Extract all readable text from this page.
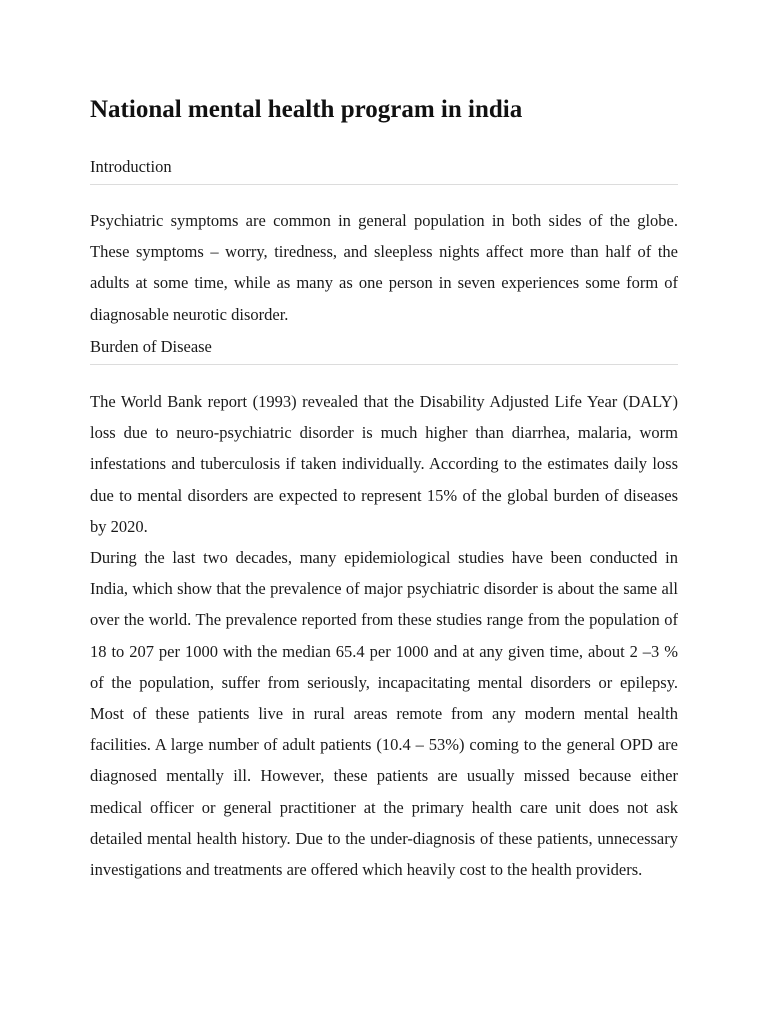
National mental health program in india
Introduction

Psychiatric symptoms are common in general population in both sides of the globe. These symptoms – worry, tiredness, and sleepless nights affect more than half of the adults at some time, while as many as one person in seven experiences some form of diagnosable neurotic disorder.

Burden of Disease

The World Bank report (1993) revealed that the Disability Adjusted Life Year (DALY) loss due to neuro-psychiatric disorder is much higher than diarrhea, malaria, worm infestations and tuberculosis if taken individually. According to the estimates daily loss due to mental disorders are expected to represent 15% of the global burden of diseases by 2020.

During the last two decades, many epidemiological studies have been conducted in India, which show that the prevalence of major psychiatric disorder is about the same all over the world. The prevalence reported from these studies range from the population of 18 to 207 per 1000 with the median 65.4 per 1000 and at any given time, about 2 –3 % of the population, suffer from seriously, incapacitating mental disorders or epilepsy. Most of these patients live in rural areas remote from any modern mental health facilities. A large number of adult patients (10.4 – 53%) coming to the general OPD are diagnosed mentally ill. However, these patients are usually missed because either medical officer or general practitioner at the primary health care unit does not ask detailed mental health history. Due to the under-diagnosis of these patients, unnecessary investigations and treatments are offered which heavily cost to the health providers.
